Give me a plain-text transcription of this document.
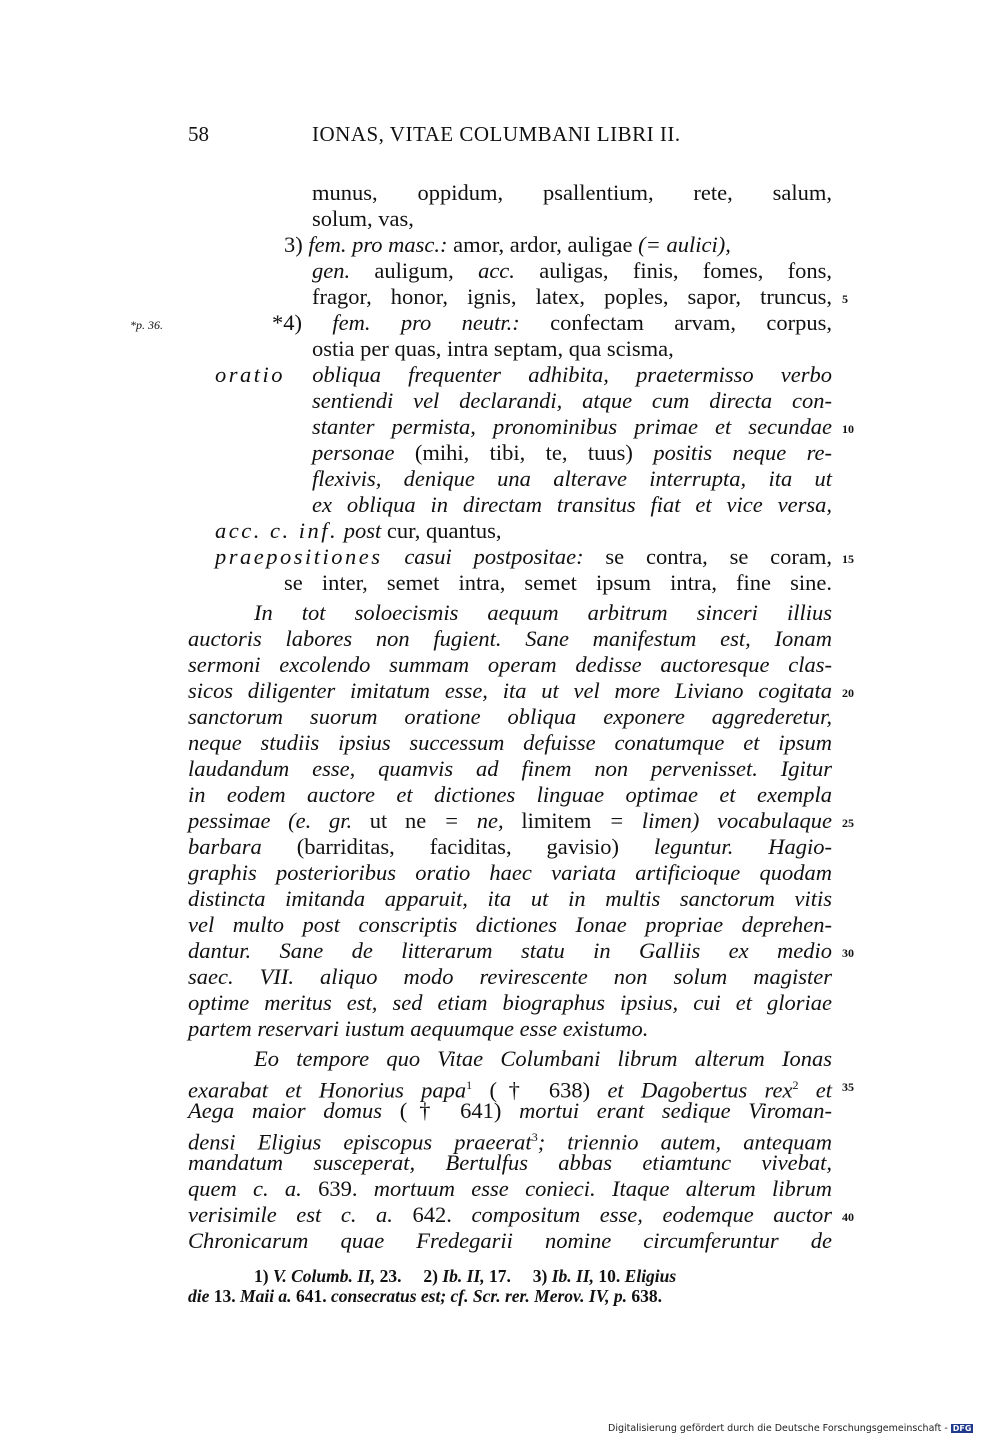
58	IONAS, VITAE COLUMBANI LIBRI II.
*p. 36.
munus, oppidum, psallentium, rete, salum,
solum, vas,
3) fem. pro masc.: amor, ardor, auligae (= aulici),
gen. auligum, acc. auligas, finis, fomes, fons,
fragor, honor, ignis, latex, poples, sapor, truncus,
*4) fem. pro neutr.: confectam arvam, corpus,
ostia per quas, intra septam, qua scisma,
oratio obliqua frequenter adhibita, praetermisso verbo
sentiendi vel declarandi, atque cum directa con-
stanter permista, pronominibus primae et secundae
personae (mihi, tibi, te, tuus) positis neque re-
flexivis, denique una alterave interrupta, ita ut
ex obliqua in directam transitus fiat et vice versa,
acc. c. inf. post cur, quantus,
praepositiones casui postpositae: se contra, se coram,
se inter, semet intra, semet ipsum intra, fine sine.
In tot soloecismis aequum arbitrum sinceri illius
auctoris labores non fugient. Sane manifestum est, Ionam
sermoni excolendo summam operam dedisse auctoresque clas-
sicos diligenter imitatum esse, ita ut vel more Liviano cogitata
sanctorum suorum oratione obliqua exponere aggrederetur,
neque studiis ipsius successum defuisse conatumque et ipsum
laudandum esse, quamvis ad finem non pervenisset. Igitur
in eodem auctore et dictiones linguae optimae et exempla
pessimae (e. gr. ut ne = ne, limitem = limen) vocabulaque
barbara (barriditas, faciditas, gavisio) leguntur. Hagio-
graphis posterioribus oratio haec variata artificioque quodam
distincta imitanda apparuit, ita ut in multis sanctorum vitis
vel multo post conscriptis dictiones Ionae propriae deprehen-
dantur. Sane de litterarum statu in Galliis ex medio
saec. VII. aliquo modo revirescente non solum magister
optime meritus est, sed etiam biographus ipsius, cui et gloriae
partem reservari iustum aequumque esse existumo.
Eo tempore quo Vitae Columbani librum alterum Ionas
exarabat et Honorius papa$^1$ († 638) et Dagobertus rex$^2$ et
Aega maior domus († 641) mortui erant sedique Viroman-
densi Eligius episcopus praeerat$^3$; triennio autem, antequam
mandatum susceperat, Bertulfus abbas etiamtunc vivebat,
quem c. a. 639. mortuum esse conieci. Itaque alterum librum
verisimile est c. a. 642. compositum esse, eodemque auctor
Chronicarum quae Fredegarii nomine circumferuntur de
5
10
15
20
25
30
35
40
1) V. Columb. II, 23. 2) Ib. II, 17. 3) Ib. II, 10. Eligius
die 13. Maii a. 641. consecratus est; cf. Scr. rer. Merov. IV, p. 638.
Digitalisierung gefördert durch die Deutsche Forschungsgemeinschaft - DFG
